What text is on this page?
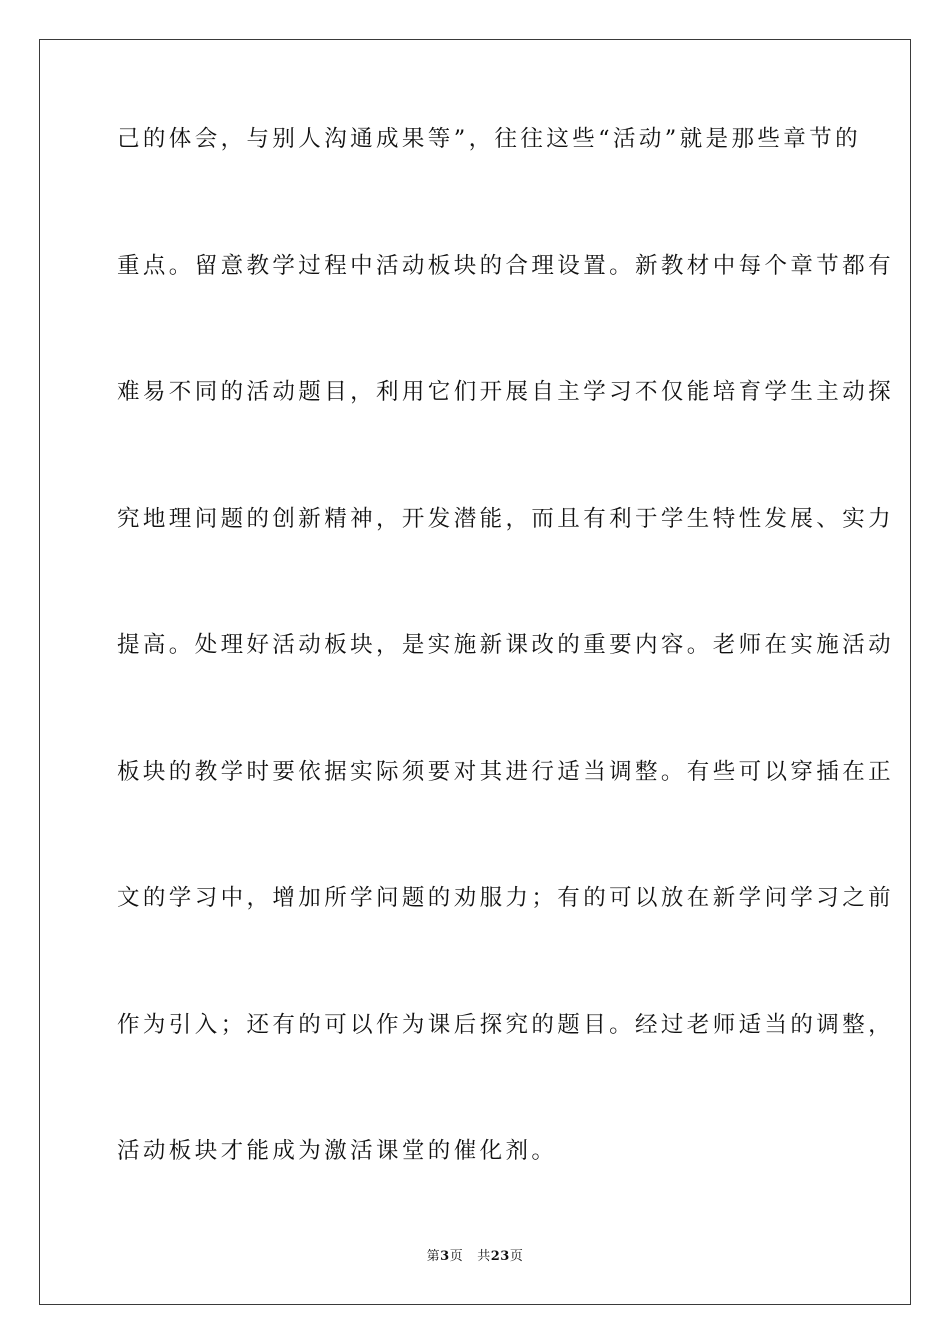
己的体会，与别人沟通成果等”，往往这些“活动”就是那些章节的
重点。留意教学过程中活动板块的合理设置。新教材中每个章节都有
难易不同的活动题目，利用它们开展自主学习不仅能培育学生主动探
究地理问题的创新精神，开发潜能，而且有利于学生特性发展、实力
提高。处理好活动板块，是实施新课改的重要内容。老师在实施活动
板块的教学时要依据实际须要对其进行适当调整。有些可以穿插在正
文的学习中，增加所学问题的劝服力；有的可以放在新学问学习之前
作为引入；还有的可以作为课后探究的题目。经过老师适当的调整，
活动板块才能成为激活课堂的催化剂。
第3页 共23页
